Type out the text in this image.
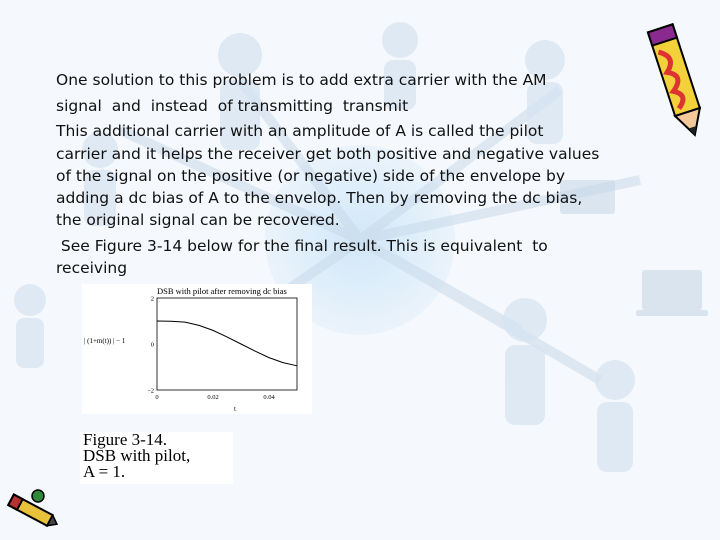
One solution to this problem is to add extra carrier with the AM
signal  and  instead  of transmitting  transmit
This additional carrier with an amplitude of A is called the pilot
carrier and it helps the receiver get both positive and negative values
of the signal on the positive (or negative) side of the envelope by
adding a dc bias of A to the envelop. Then by removing the dc bias,
the original signal can be recovered.
See Figure 3-14 below for the final result. This is equivalent  to
receiving
DSB with pilot after removing dc bias
| (1+m(t)) | − 1
t
0	0.02	0.04
2
0
−2
Figure 3-14.
DSB with pilot,
A = 1.
